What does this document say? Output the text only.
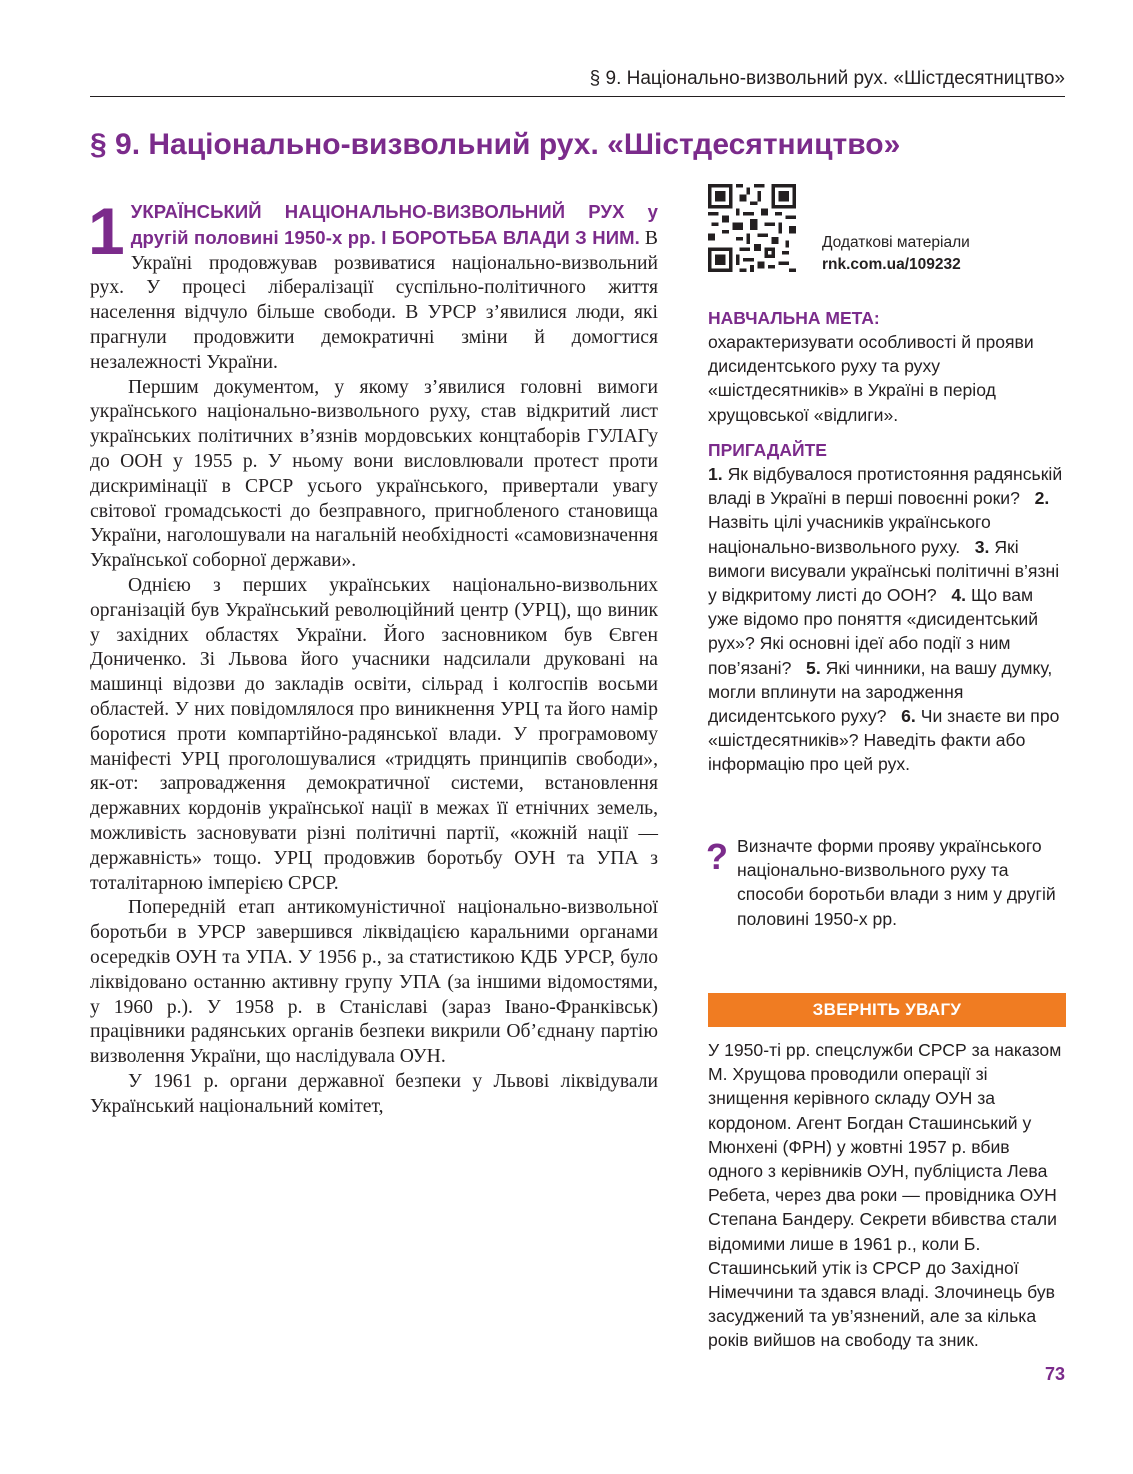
§ 9. Національно-визвольний рух. «Шістдесятництво»
§ 9. Національно-визвольний рух. «Шістдесятництво»

1 УКРАЇНСЬКИЙ НАЦІОНАЛЬНО-ВИЗВОЛЬНИЙ РУХ у другій половині 1950-х рр. І БОРОТЬБА ВЛАДИ З НИМ. В Україні продовжував розвиватися національно-визвольний рух. У процесі лібералізації суспільно-політичного життя населення відчуло більше свободи. В УРСР з’явилися люди, які прагнули продовжити демократичні зміни й домогтися незалежності України.

Першим документом, у якому з’явилися головні вимоги українського національно-визвольного руху, став відкритий лист українських політичних в’язнів мордовських концтаборів ГУЛАГу до ООН у 1955 р. У ньому вони висловлювали протест проти дискримінації в СРСР усього українського, привертали увагу світової громадськості до безправного, пригнобленого становища України, наголошували на нагальній необхідності «самовизначення Української соборної держави».

Однією з перших українських національно-визвольних організацій був Український революційний центр (УРЦ), що виник у західних областях України. Його засновником був Євген Дониченко. Зі Львова його учасники надсилали друковані на машинці відозви до закладів освіти, сільрад і колгоспів восьми областей. У них повідомлялося про виникнення УРЦ та його намір боротися проти компартійно-радянської влади. У програмовому маніфесті УРЦ проголошувалися «тридцять принципів свободи», як-от: запровадження демократичної системи, встановлення державних кордонів української нації в межах її етнічних земель, можливість засновувати різні політичні партії, «кожній нації — державність» тощо. УРЦ продовжив боротьбу ОУН та УПА з тоталітарною імперією СРСР.

Попередній етап антикомуністичної національно-визвольної боротьби в УРСР завершився ліквідацією каральними органами осередків ОУН та УПА. У 1956 р., за статистикою КДБ УРСР, було ліквідовано останню активну групу УПА (за іншими відомостями, у 1960 р.). У 1958 р. в Станіславі (зараз Івано-Франківськ) працівники радянських органів безпеки викрили Об’єднану партію визволення України, що наслідувала ОУН.

У 1961 р. органи державної безпеки у Львові ліквідували Український національний комітет,

Додаткові матеріали
rnk.com.ua/109232
НАВЧАЛЬНА МЕТА:
охарактеризувати особливості й прояви дисидентського руху та руху «шістдесятників» в Україні в період хрущовської «відлиги».
ПРИГАДАЙТЕ
1. Як відбувалося протистояння радянській владі в Україні в перші повоєнні роки? 2. Назвіть цілі учасників українського національно-визвольного руху. 3. Які вимоги висували українські політичні в’язні у відкритому листі до ООН? 4. Що вам уже відомо про поняття «дисидентський рух»? Які основні ідеї або події з ним пов’язані? 5. Які чинники, на вашу думку, могли вплинути на зародження дисидентського руху? 6. Чи знаєте ви про «шістдесятників»? Наведіть факти або інформацію про цей рух.
? Визначте форми прояву українського національно-визвольного руху та способи боротьби влади з ним у другій половині 1950-х рр.
ЗВЕРНІТЬ УВАГУ
У 1950-ті рр. спецслужби СРСР за наказом М. Хрущова проводили операції зі знищення керівного складу ОУН за кордоном. Агент Богдан Сташинський у Мюнхені (ФРН) у жовтні 1957 р. вбив одного з керівників ОУН, публіциста Лева Ребета, через два роки — провідника ОУН Степана Бандеру. Секрети вбивства стали відомими лише в 1961 р., коли Б. Сташинський утік із СРСР до Західної Німеччини та здався владі. Злочинець був засуджений та ув’язнений, але за кілька років вийшов на свободу та зник.
73
